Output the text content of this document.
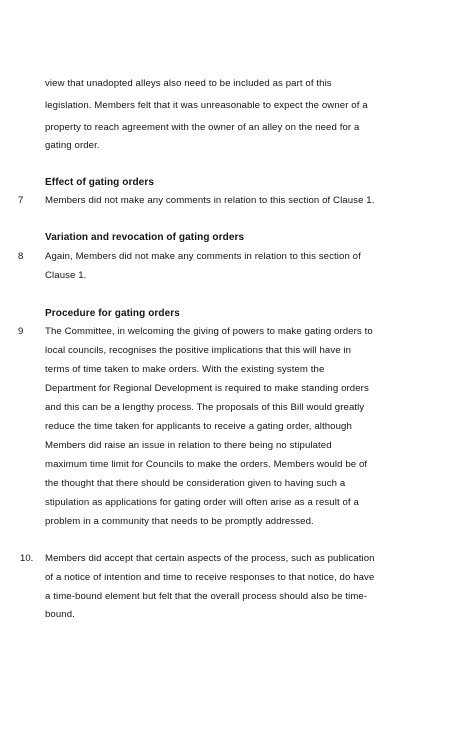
view that unadopted alleys also need to be included as part of this
legislation. Members felt that it was unreasonable to expect the owner of a
property to reach agreement with the owner of an alley on the need for a
gating order.
Effect of gating orders
7 Members did not make any comments in relation to this section of Clause 1.
Variation and revocation of gating orders
8 Again, Members did not make any comments in relation to this section of
Clause 1.
Procedure for gating orders
9 The Committee, in welcoming the giving of powers to make gating orders to
local councils, recognises the positive implications that this will have in
terms of time taken to make orders. With the existing system the
Department for Regional Development is required to make standing orders
and this can be a lengthy process. The proposals of this Bill would greatly
reduce the time taken for applicants to receive a gating order, although
Members did raise an issue in relation to there being no stipulated
maximum time limit for Councils to make the orders. Members would be of
the thought that there should be consideration given to having such a
stipulation as applications for gating order will often arise as a result of a
problem in a community that needs to be promptly addressed.
10. Members did accept that certain aspects of the process, such as publication
of a notice of intention and time to receive responses to that notice, do have
a time-bound element but felt that the overall process should also be time-
bound.
